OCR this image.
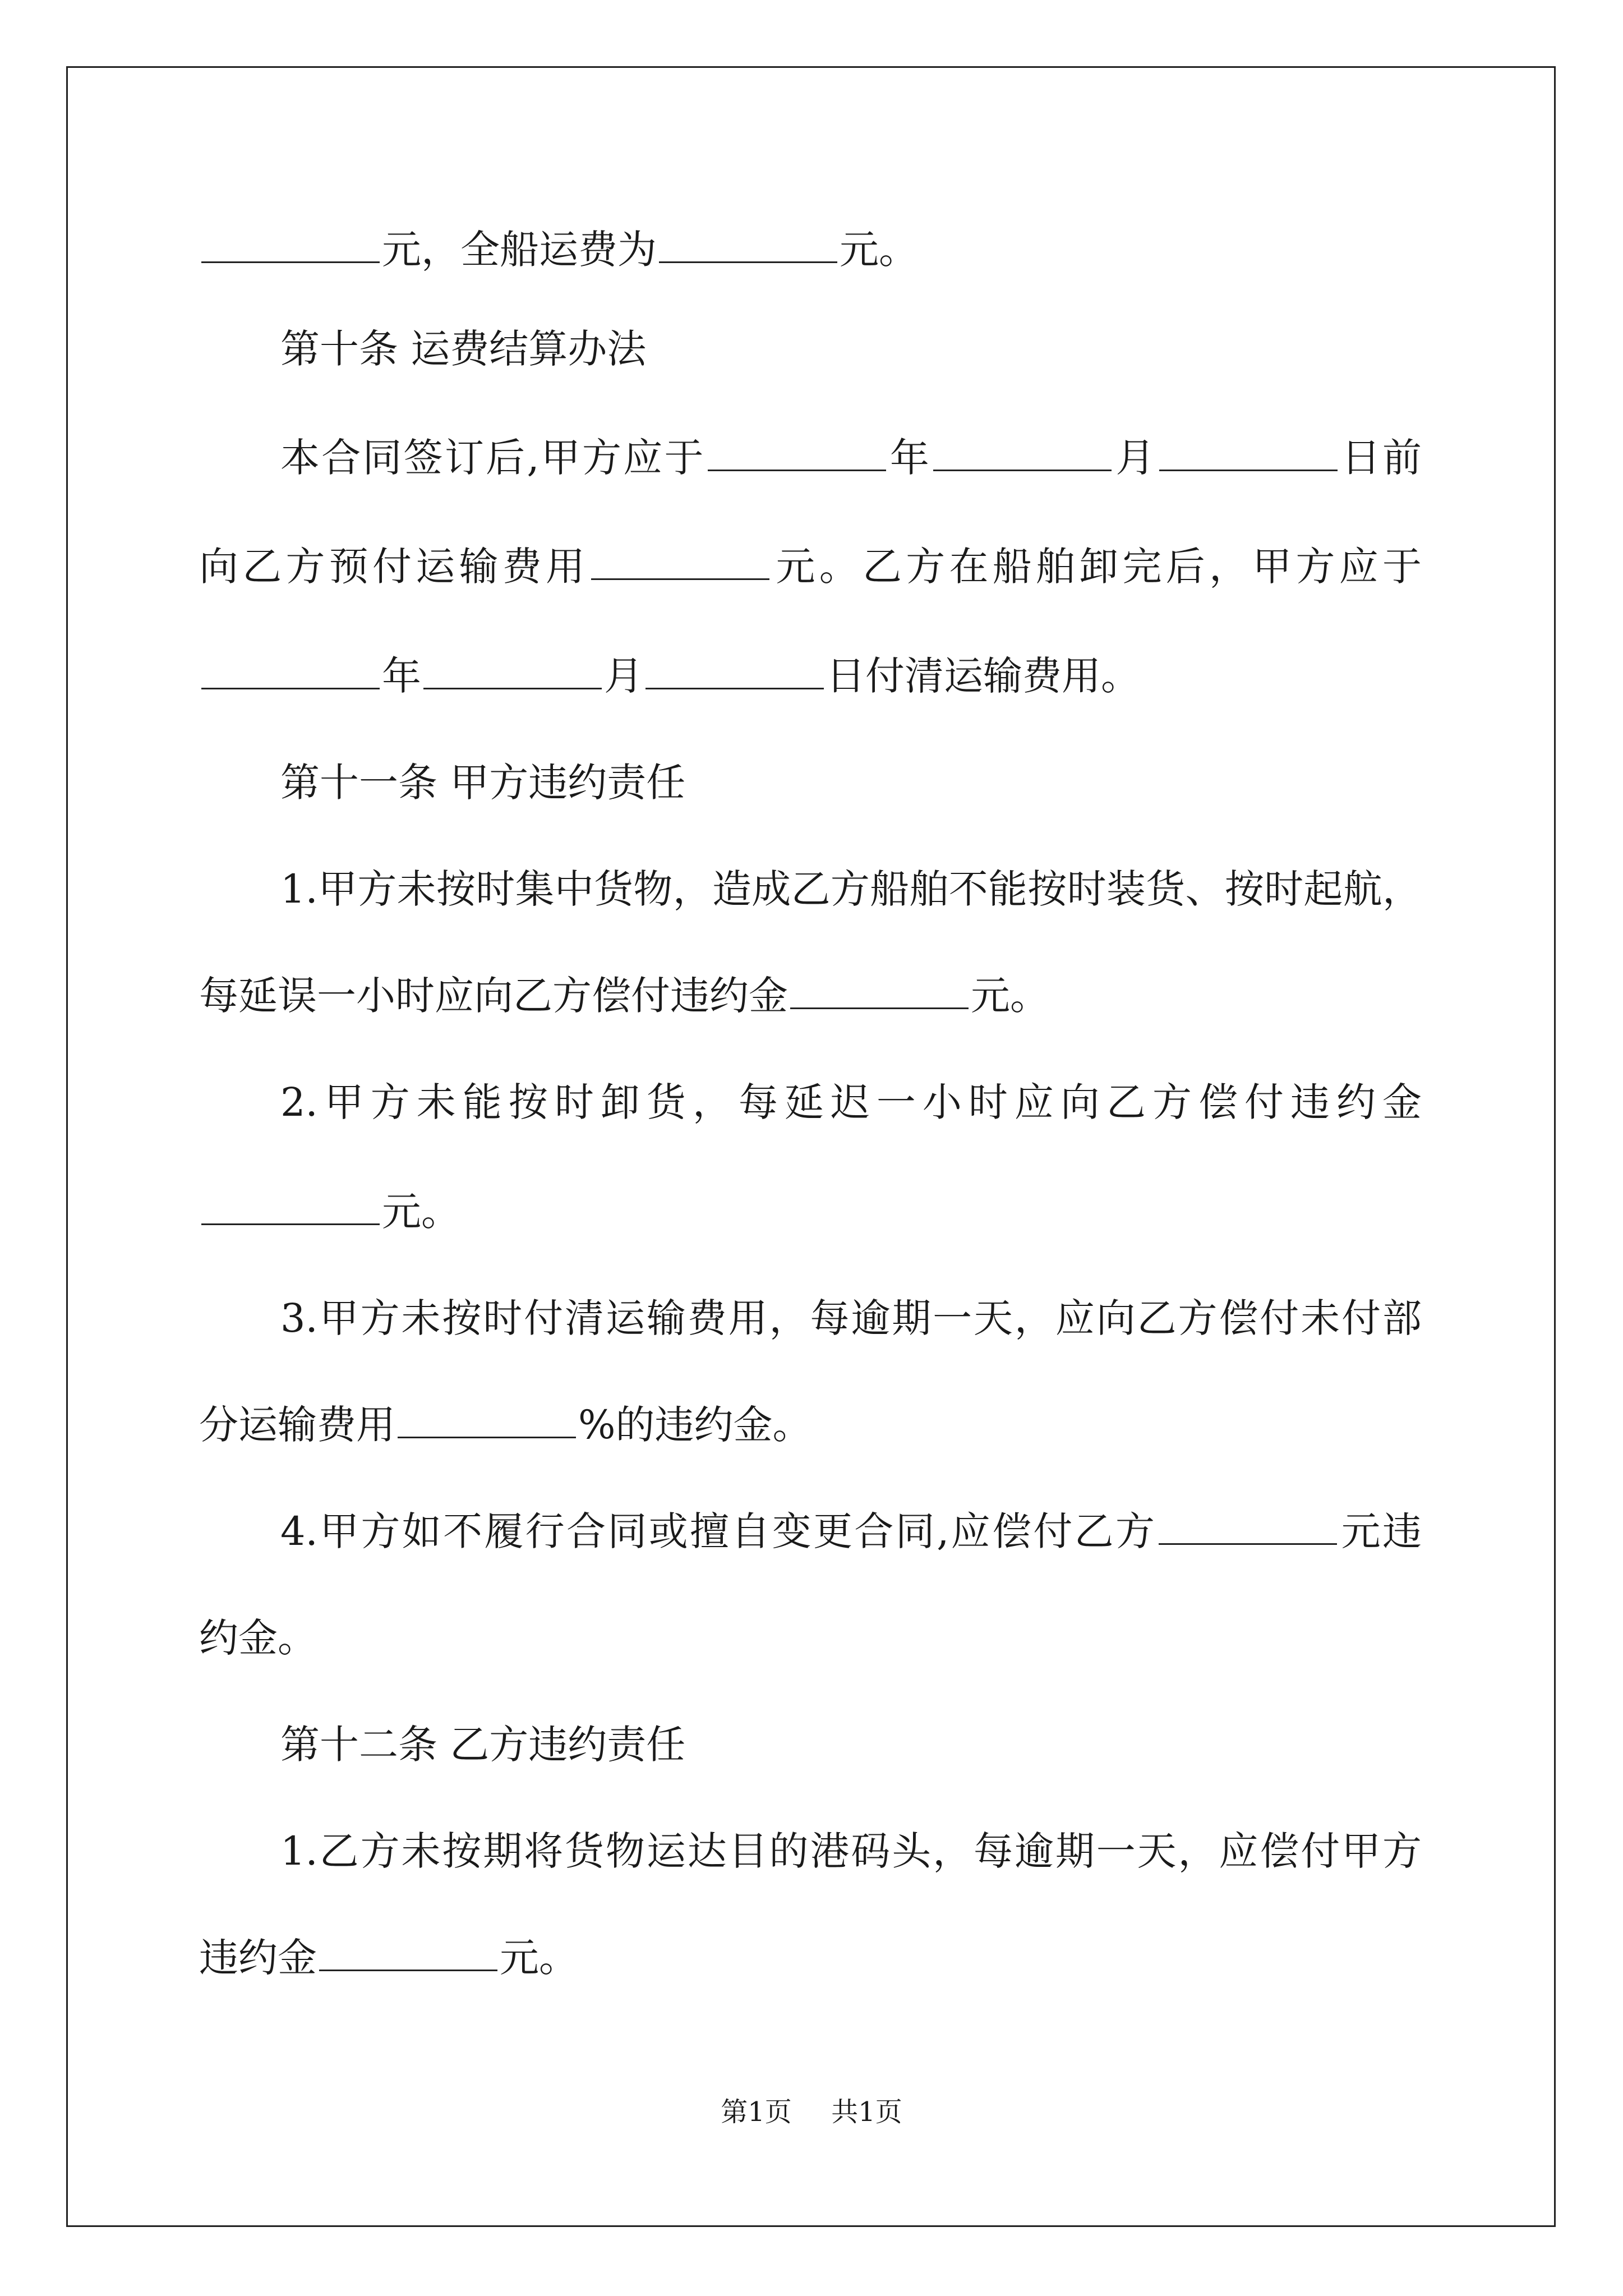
元，全船运费为	元。
第十条 运费结算办法
本合同签订后,甲方应于	年	月	日前
向乙方预付运输费用	元。乙方在船舶卸完后，甲方应于
年	月	日付清运输费用。
第十一条 甲方违约责任
1.甲方未按时集中货物，造成乙方船舶不能按时装货、按时起航，
每延误一小时应向乙方偿付违约金	元。
2.甲方未能按时卸货，每延迟一小时应向乙方偿付违约金
元。
3.甲方未按时付清运输费用，每逾期一天，应向乙方偿付未付部
分运输费用	%的违约金。
4.甲方如不履行合同或擅自变更合同,应偿付乙方	元违
约金。
第十二条 乙方违约责任
1.乙方未按期将货物运达目的港码头，每逾期一天，应偿付甲方
违约金	元。
第1页 共1页
